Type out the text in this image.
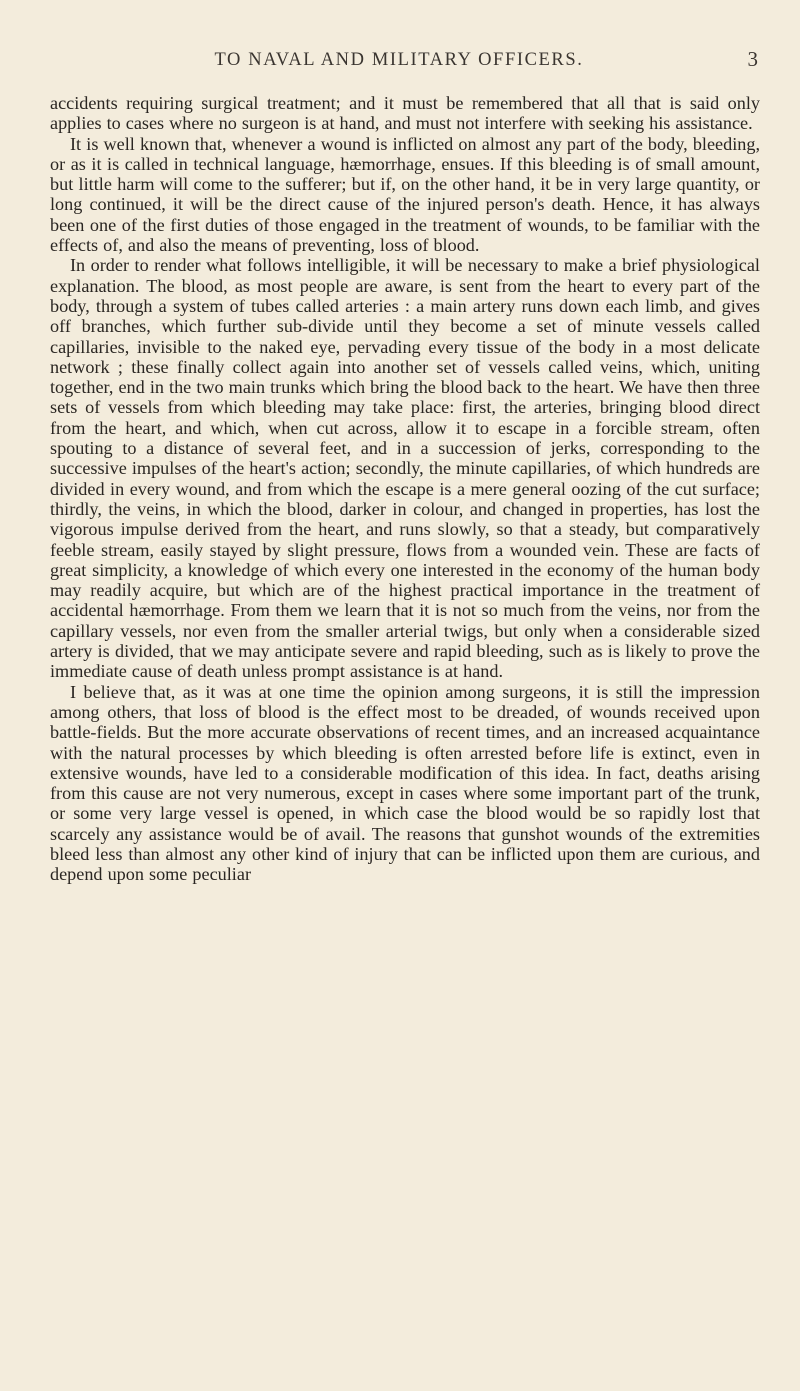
TO NAVAL AND MILITARY OFFICERS.	3

accidents requiring surgical treatment; and it must be remembered that all that is said only applies to cases where no surgeon is at hand, and must not interfere with seeking his assistance.

It is well known that, whenever a wound is inflicted on almost any part of the body, bleeding, or as it is called in technical language, hæmorrhage, ensues. If this bleeding is of small amount, but little harm will come to the sufferer; but if, on the other hand, it be in very large quantity, or long continued, it will be the direct cause of the injured person's death. Hence, it has always been one of the first duties of those engaged in the treatment of wounds, to be familiar with the effects of, and also the means of preventing, loss of blood.

In order to render what follows intelligible, it will be necessary to make a brief physiological explanation. The blood, as most people are aware, is sent from the heart to every part of the body, through a system of tubes called arteries : a main artery runs down each limb, and gives off branches, which further sub-divide until they become a set of minute vessels called capillaries, invisible to the naked eye, pervading every tissue of the body in a most delicate network ; these finally collect again into another set of vessels called veins, which, uniting together, end in the two main trunks which bring the blood back to the heart. We have then three sets of vessels from which bleeding may take place: first, the arteries, bringing blood direct from the heart, and which, when cut across, allow it to escape in a forcible stream, often spouting to a distance of several feet, and in a succession of jerks, corresponding to the successive impulses of the heart's action; secondly, the minute capillaries, of which hundreds are divided in every wound, and from which the escape is a mere general oozing of the cut surface; thirdly, the veins, in which the blood, darker in colour, and changed in properties, has lost the vigorous impulse derived from the heart, and runs slowly, so that a steady, but comparatively feeble stream, easily stayed by slight pressure, flows from a wounded vein. These are facts of great simplicity, a knowledge of which every one interested in the economy of the human body may readily acquire, but which are of the highest practical importance in the treatment of accidental hæmorrhage. From them we learn that it is not so much from the veins, nor from the capillary vessels, nor even from the smaller arterial twigs, but only when a considerable sized artery is divided, that we may anticipate severe and rapid bleeding, such as is likely to prove the immediate cause of death unless prompt assistance is at hand.

I believe that, as it was at one time the opinion among surgeons, it is still the impression among others, that loss of blood is the effect most to be dreaded, of wounds received upon battle-fields. But the more accurate observations of recent times, and an increased acquaintance with the natural processes by which bleeding is often arrested before life is extinct, even in extensive wounds, have led to a considerable modification of this idea. In fact, deaths arising from this cause are not very numerous, except in cases where some important part of the trunk, or some very large vessel is opened, in which case the blood would be so rapidly lost that scarcely any assistance would be of avail. The reasons that gunshot wounds of the extremities bleed less than almost any other kind of injury that can be inflicted upon them are curious, and depend upon some peculiar
